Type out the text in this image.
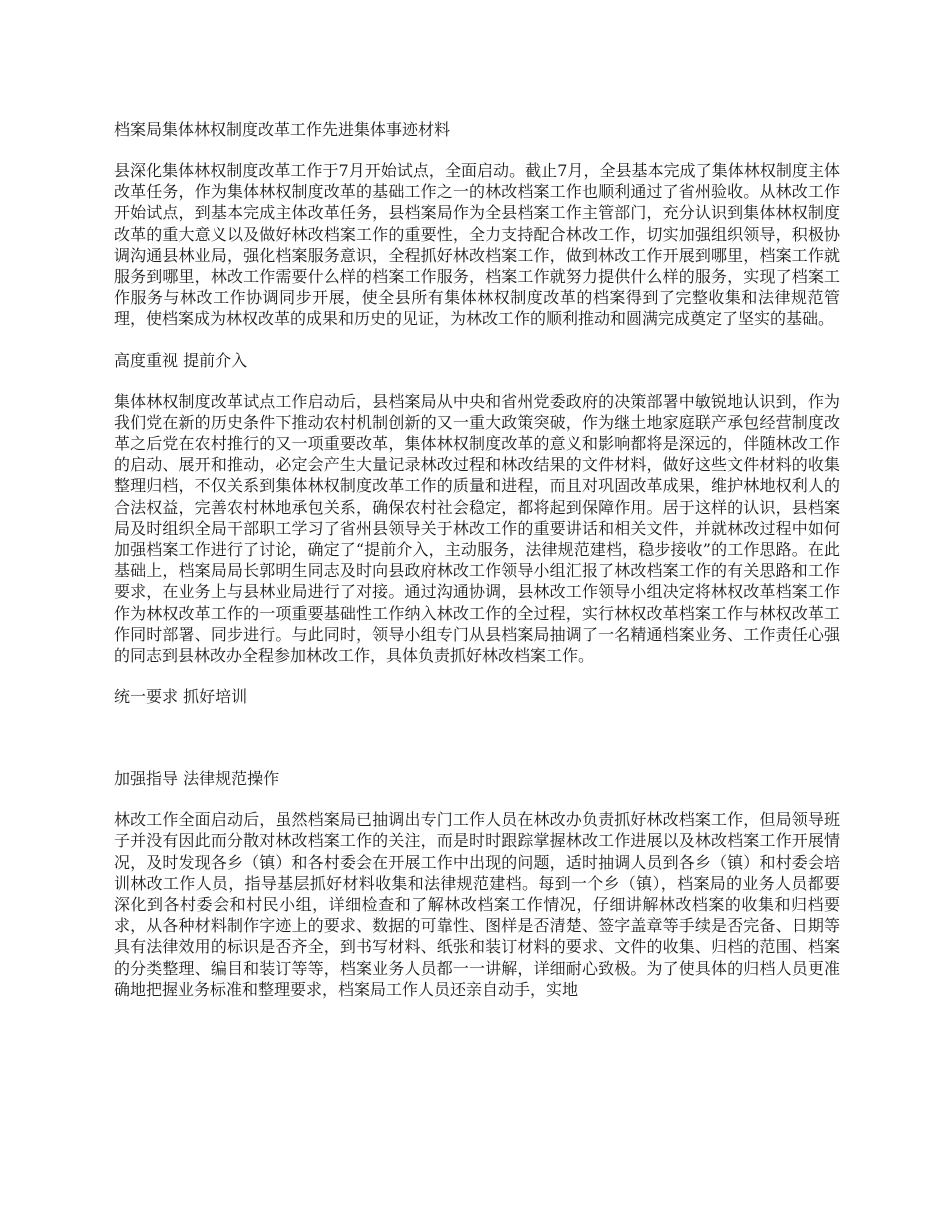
档案局集体林权制度改革工作先进集体事迹材料

县深化集体林权制度改革工作于7月开始试点，全面启动。截止7月，全县基本完成了集体林权制度主体改革任务，作为集体林权制度改革的基础工作之一的林改档案工作也顺利通过了省州验收。从林改工作开始试点，到基本完成主体改革任务，县档案局作为全县档案工作主管部门，充分认识到集体林权制度改革的重大意义以及做好林改档案工作的重要性，全力支持配合林改工作，切实加强组织领导，积极协调沟通县林业局，强化档案服务意识，全程抓好林改档案工作，做到林改工作开展到哪里，档案工作就服务到哪里，林改工作需要什么样的档案工作服务，档案工作就努力提供什么样的服务，实现了档案工作服务与林改工作协调同步开展，使全县所有集体林权制度改革的档案得到了完整收集和法律规范管理，使档案成为林权改革的成果和历史的见证，为林改工作的顺利推动和圆满完成奠定了坚实的基础。

高度重视 提前介入

集体林权制度改革试点工作启动后，县档案局从中央和省州党委政府的决策部署中敏锐地认识到，作为我们党在新的历史条件下推动农村机制创新的又一重大政策突破，作为继土地家庭联产承包经营制度改革之后党在农村推行的又一项重要改革，集体林权制度改革的意义和影响都将是深远的，伴随林改工作的启动、展开和推动，必定会产生大量记录林改过程和林改结果的文件材料，做好这些文件材料的收集整理归档，不仅关系到集体林权制度改革工作的质量和进程，而且对巩固改革成果，维护林地权利人的合法权益，完善农村林地承包关系，确保农村社会稳定，都将起到保障作用。居于这样的认识，县档案局及时组织全局干部职工学习了省州县领导关于林改工作的重要讲话和相关文件，并就林改过程中如何加强档案工作进行了讨论，确定了“提前介入，主动服务，法律规范建档，稳步接收”的工作思路。在此基础上，档案局局长郭明生同志及时向县政府林改工作领导小组汇报了林改档案工作的有关思路和工作要求，在业务上与县林业局进行了对接。通过沟通协调，县林改工作领导小组决定将林权改革档案工作作为林权改革工作的一项重要基础性工作纳入林改工作的全过程，实行林权改革档案工作与林权改革工作同时部署、同步进行。与此同时，领导小组专门从县档案局抽调了一名精通档案业务、工作责任心强的同志到县林改办全程参加林改工作，具体负责抓好林改档案工作。

统一要求 抓好培训
加强指导 法律规范操作

林改工作全面启动后，虽然档案局已抽调出专门工作人员在林改办负责抓好林改档案工作，但局领导班子并没有因此而分散对林改档案工作的关注，而是时时跟踪掌握林改工作进展以及林改档案工作开展情况，及时发现各乡（镇）和各村委会在开展工作中出现的问题，适时抽调人员到各乡（镇）和村委会培训林改工作人员，指导基层抓好材料收集和法律规范建档。每到一个乡（镇），档案局的业务人员都要深化到各村委会和村民小组，详细检查和了解林改档案工作情况，仔细讲解林改档案的收集和归档要求，从各种材料制作字迹上的要求、数据的可靠性、图样是否清楚、签字盖章等手续是否完备、日期等具有法律效用的标识是否齐全，到书写材料、纸张和装订材料的要求、文件的收集、归档的范围、档案的分类整理、编目和装订等等，档案业务人员都一一讲解，详细耐心致极。为了使具体的归档人员更准确地把握业务标准和整理要求，档案局工作人员还亲自动手，实地
